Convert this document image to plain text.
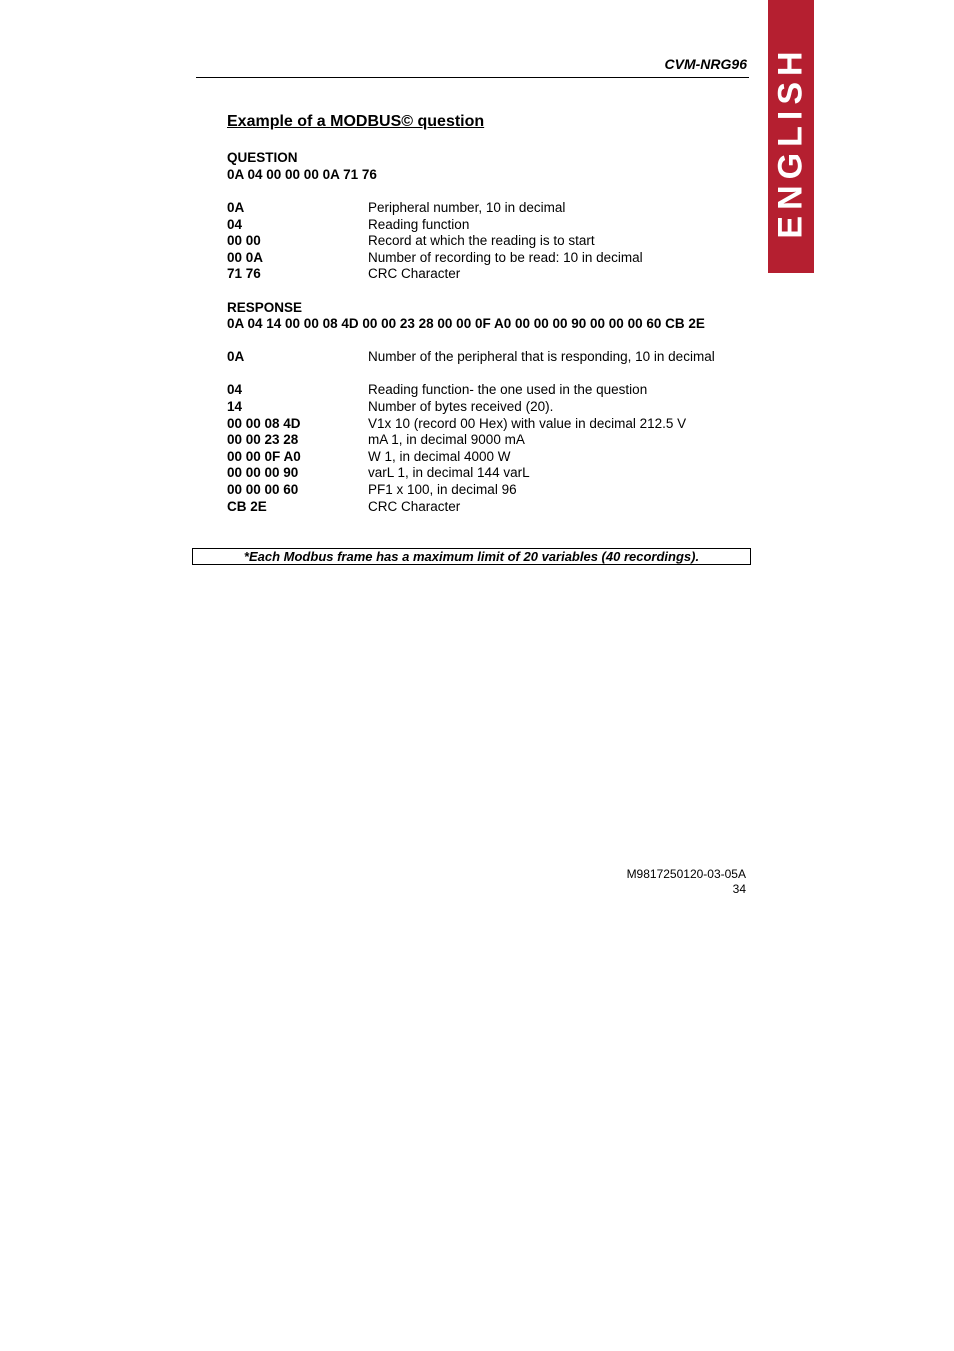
CVM-NRG96 ENGLISH
Example of a MODBUS© question
QUESTION
0A 04 00 00 00 0A 71 76
0A	Peripheral number, 10 in decimal
04	Reading function
00 00	Record at which the reading is to start
00 0A	Number of recording to be read: 10 in decimal
71 76	CRC Character
RESPONSE
0A 04 14 00 00 08 4D 00 00 23 28 00 00 0F A0 00 00 00 90 00 00 00 60 CB 2E
0A	Number of the peripheral that is responding, 10 in decimal
04	Reading function- the one used in the question
14	Number of bytes received (20).
00 00 08 4D	V1x 10 (record 00 Hex) with value in decimal 212.5 V
00 00 23 28	mA 1, in decimal 9000 mA
00 00 0F A0	W 1, in decimal 4000 W
00 00 00 90	varL 1, in decimal 144 varL
00 00 00 60	PF1 x 100, in decimal 96
CB 2E	CRC Character
*Each Modbus frame has a maximum limit of 20 variables (40 recordings).
M9817250120-03-05A
34
